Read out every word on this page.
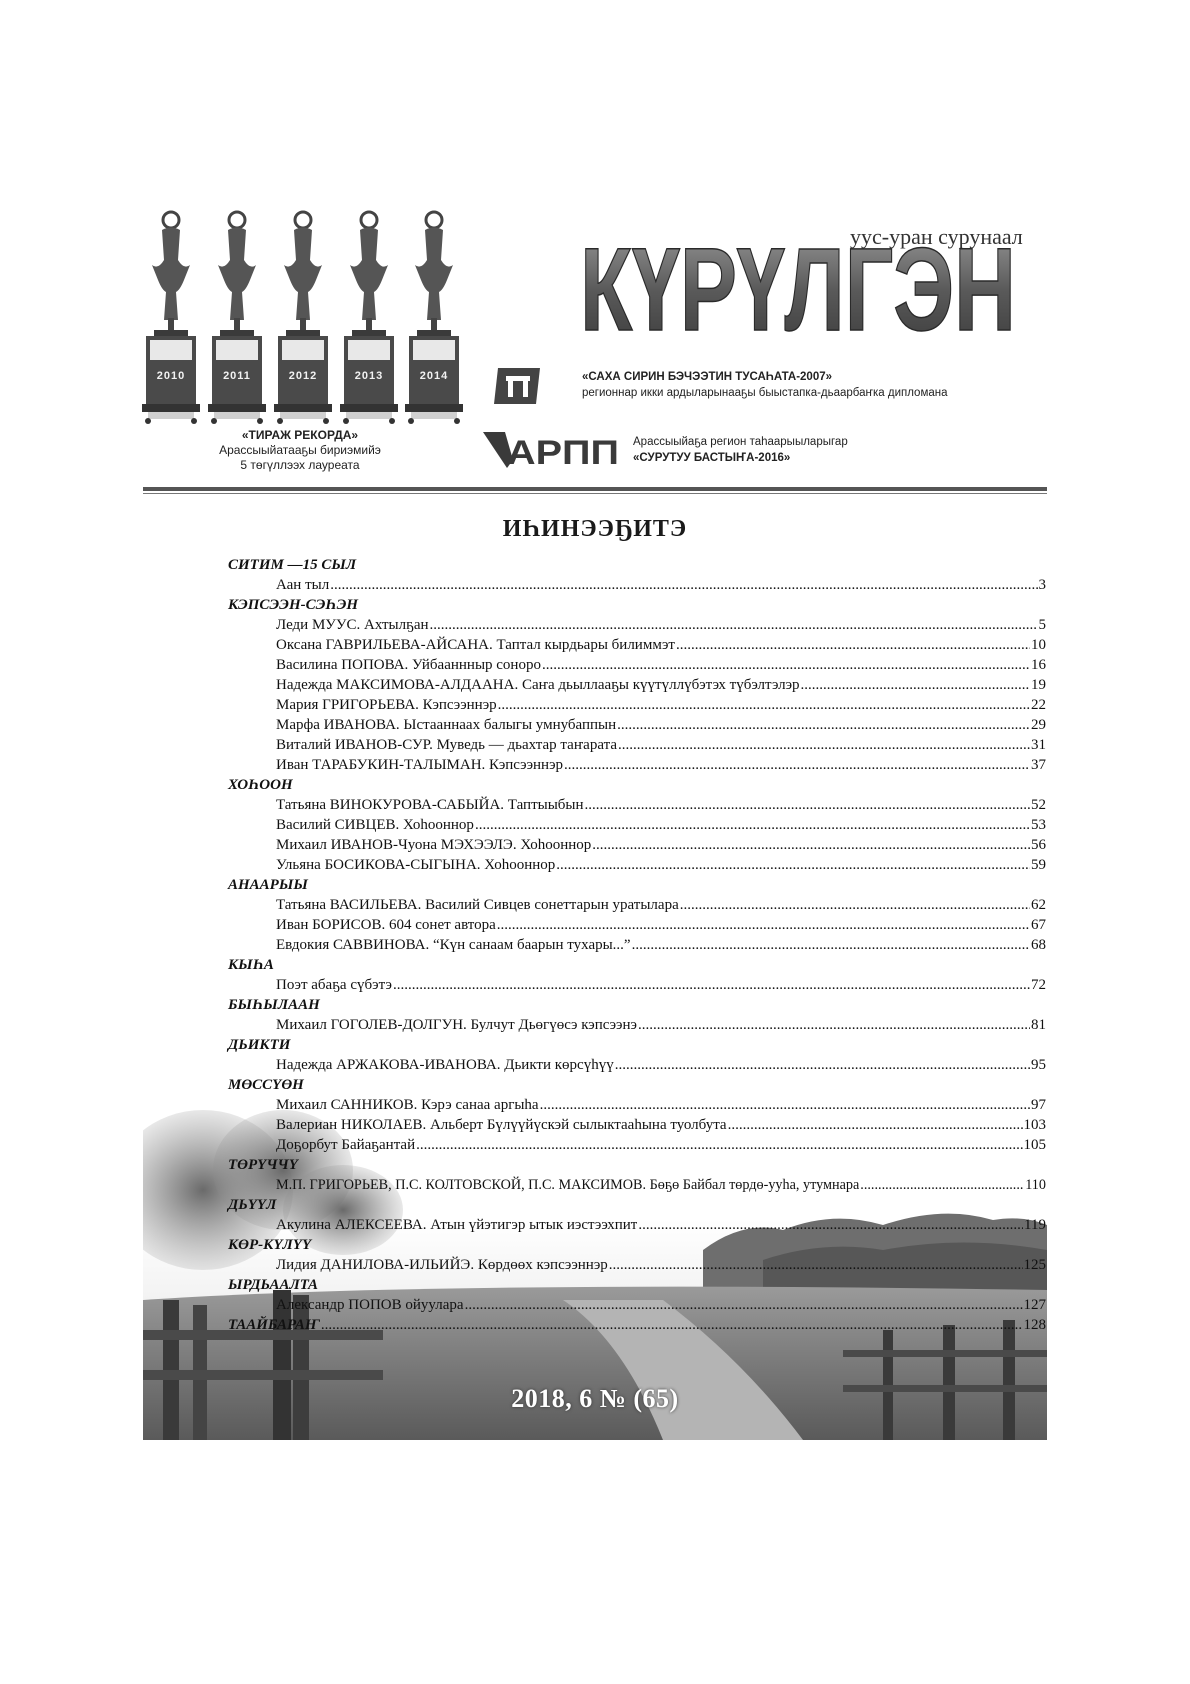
2010	2011	2012	2013	2014
«ТИРАЖ РЕКОРДА»
Арассыыйатааҕы бириэмийэ
5 төгүллээх лауреата
уус-уран сурунаал
КҮРҮЛГЭН
«САХА СИРИН БЭЧЭЭТИН ТУСАҺАТА-2007»
регионнар икки ардыларынааҕы быыстапка-дьаарбаҥка дипломана
АРПП Арассыыйаҕа регион таһаарыыларыгар
«СУРУТУУ БАСТЫҤА-2016»
ИҺИНЭЭҔИТЭ
СИТИМ —15 СЫЛ
Аан тыл .....	3
КЭПСЭЭН-СЭҺЭН
Леди МУУС. Ахтылҕан .....	5
Оксана ГАВРИЛЬЕВА-АЙСАНА. Таптал кырдьары билиммэт .....	10
Василина ПОПОВА. Уйбааннныр соноро .....	16
Надежда МАКСИМОВА-АЛДААНА. Саҥа дьыллааҕы күүтүллүбэтэх түбэлтэлэр .....	19
Мария ГРИГОРЬЕВА. Кэпсээннэр .....	22
Марфа ИВАНОВА. Ыстааннаах балыгы умнубаппын .....	29
Виталий ИВАНОВ-СУР. Муведь — дьахтар таҥарата .....	31
Иван ТАРАБУКИН-ТАЛЫМАН. Кэпсээннэр .....	37
ХОҺООН
Татьяна ВИНОКУРОВА-САБЫЙА. Таптыыбын .....	52
Василий СИВЦЕВ. Хоһооннор .....	53
Михаил ИВАНОВ-Чуона МЭХЭЭЛЭ. Хоһооннор .....	56
Ульяна БОСИКОВА-СЫГЫНА. Хоһооннор .....	59
АНААРЫЫ
Татьяна ВАСИЛЬЕВА. Василий Сивцев сонеттарын уратылара .....	62
Иван БОРИСОВ. 604 сонет автора .....	67
Евдокия САВВИНОВА. “Күн санаам баарын тухары...” .....	68
КЫҺА
Поэт абаҕа сүбэтэ .....	72
БЫҺЫЛААН
Михаил ГОГОЛЕВ-ДОЛГУН. Булчут Дьөгүөсэ кэпсээнэ .....	81
ДЬИКТИ
Надежда АРЖАКОВА-ИВАНОВА. Дьикти көрсүһүү .....	95
МӨССҮӨН
Михаил САННИКОВ. Кэрэ санаа аргыһа .....	97
Валериан НИКОЛАЕВ. Альберт Бүлүүйүскэй сылыктааһына туолбута .....	103
Доҕорбут Байаҕантай .....	105
ТӨРҮЧЧҮ
М.П. ГРИГОРЬЕВ, П.С. КОЛТОВСКОЙ, П.С. МАКСИМОВ. Бөҕө Байбал төрдө-ууһа, утумнара .....	110
ДЬҮҮЛ
Акулина АЛЕКСЕЕВА. Атын үйэтигэр ытык иэстээхпит .....	119
КӨР-КҮЛҮҮ
Лидия ДАНИЛОВА-ИЛЬИЙЭ. Көрдөөх кэпсээннэр .....	125
ЫРДЬААЛТА
Александр ПОПОВ ойуулара .....	127
ТААЙБАРАҤ .....	128
2018, 6 № (65)
